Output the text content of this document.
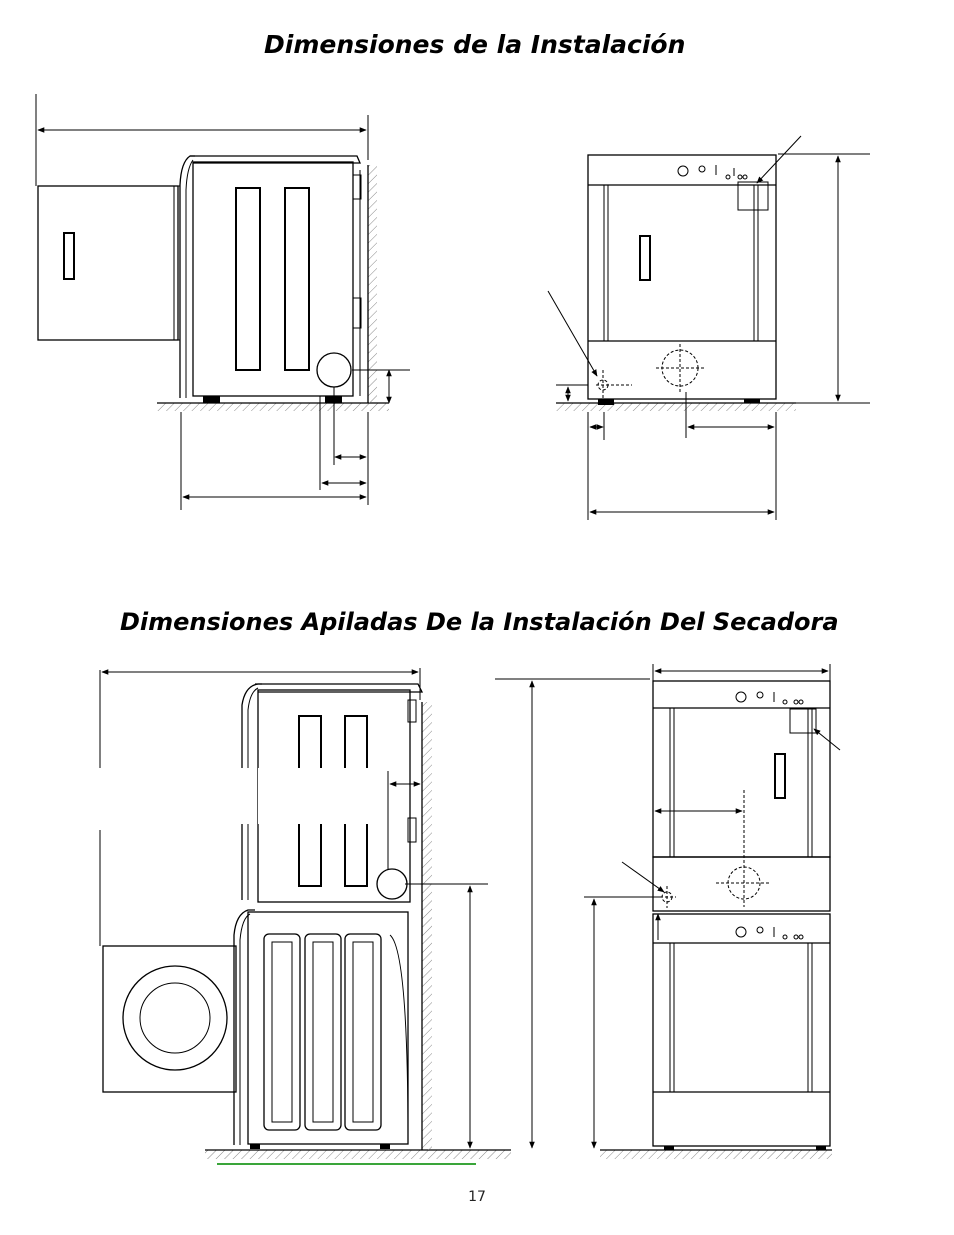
Dimensiones de la Instalación
Dimensiones Apiladas De la Instalación Del Secadora
17
